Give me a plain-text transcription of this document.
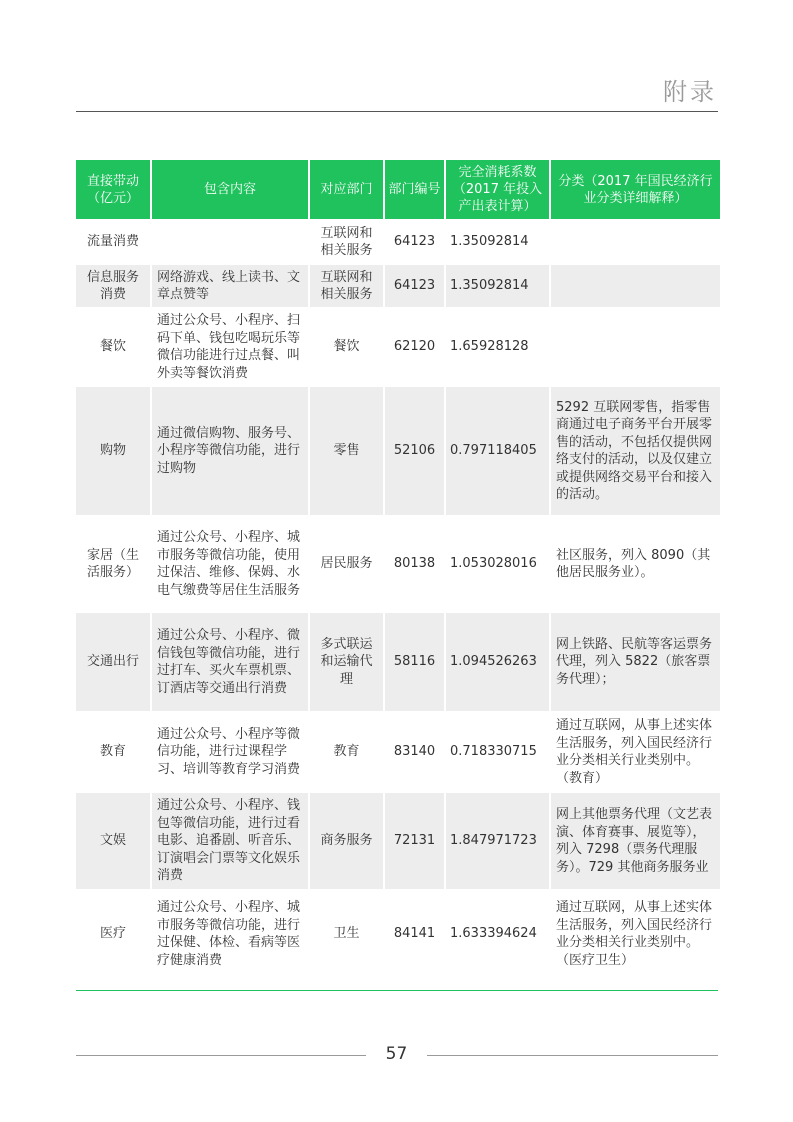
附录
直接带动（亿元）	包含内容	对应部门	部门编号	完全消耗系数（2017 年投入产出表计算）	分类（2017 年国民经济行业分类详细解释）
流量消费		互联网和相关服务	64123	1.35092814	
信息服务消费	网络游戏、线上读书、文章点赞等	互联网和相关服务	64123	1.35092814	
餐饮	通过公众号、小程序、扫码下单、钱包吃喝玩乐等微信功能进行过点餐、叫外卖等餐饮消费	餐饮	62120	1.65928128	
购物	通过微信购物、服务号、小程序等微信功能，进行过购物	零售	52106	0.797118405	5292 互联网零售，指零售商通过电子商务平台开展零售的活动，不包括仅提供网络支付的活动，以及仅建立或提供网络交易平台和接入的活动。
家居（生活服务）	通过公众号、小程序、城市服务等微信功能，使用过保洁、维修、保姆、水电气缴费等居住生活服务	居民服务	80138	1.053028016	社区服务，列入 8090（其他居民服务业）。
交通出行	通过公众号、小程序、微信钱包等微信功能，进行过打车、买火车票机票、订酒店等交通出行消费	多式联运和运输代理	58116	1.094526263	网上铁路、民航等客运票务代理，列入 5822（旅客票务代理）；
教育	通过公众号、小程序等微信功能，进行过课程学习、培训等教育学习消费	教育	83140	0.718330715	通过互联网，从事上述实体生活服务，列入国民经济行业分类相关行业类别中。（教育）
文娱	通过公众号、小程序、钱包等微信功能，进行过看电影、追番剧、听音乐、订演唱会门票等文化娱乐消费	商务服务	72131	1.847971723	网上其他票务代理（文艺表演、体育赛事、展览等），列入 7298（票务代理服务）。729 其他商务服务业
医疗	通过公众号、小程序、城市服务等微信功能，进行过保健、体检、看病等医疗健康消费	卫生	84141	1.633394624	通过互联网，从事上述实体生活服务，列入国民经济行业分类相关行业类别中。（医疗卫生）
57
